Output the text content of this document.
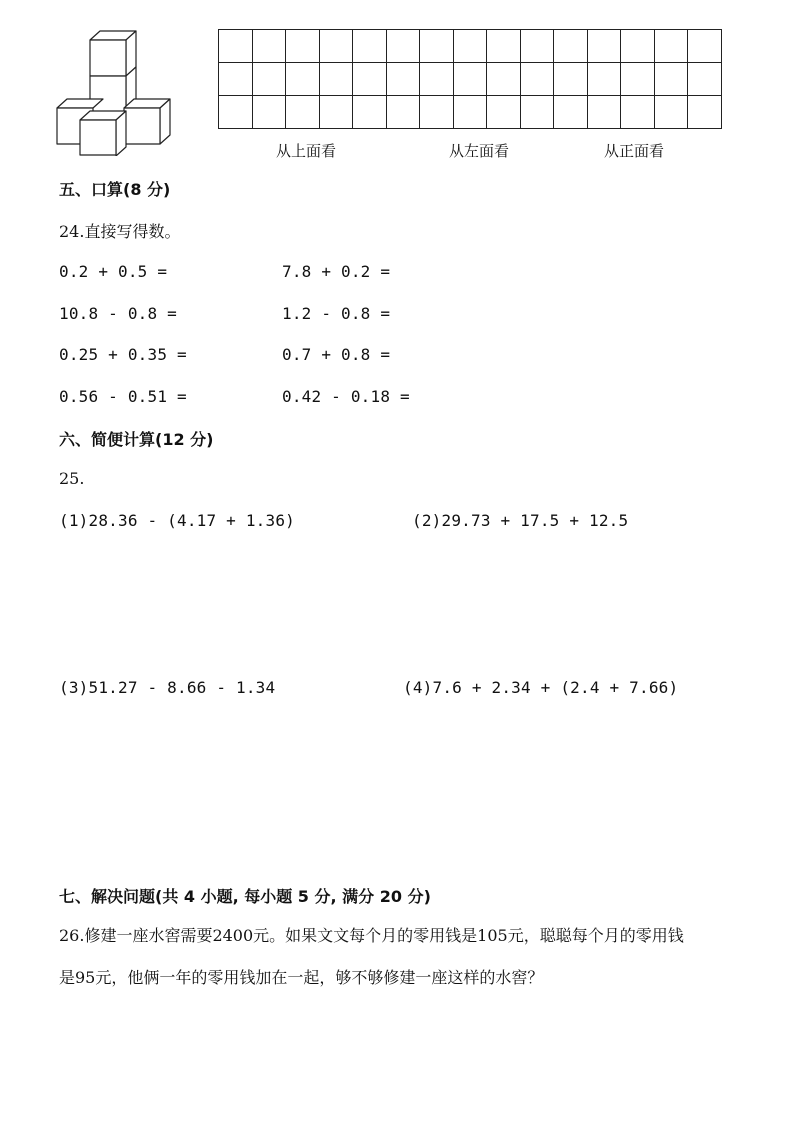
从上面看	从左面看	从正面看
五、口算(8 分)
24.直接写得数。
0.2 + 0.5 =	7.8 + 0.2 =
10.8 - 0.8 =	1.2 - 0.8 =
0.25 + 0.35 =	0.7 + 0.8 =
0.56 - 0.51 =	0.42 - 0.18 =
六、简便计算(12 分)
25.
(1)28.36 - (4.17 + 1.36)	(2)29.73 + 17.5 + 12.5
(3)51.27 - 8.66 - 1.34	(4)7.6 + 2.34 + (2.4 + 7.66)
七、解决问题(共 4 小题, 每小题 5 分, 满分 20 分)
26.修建一座水窖需要2400元。如果文文每个月的零用钱是105元，聪聪每个月的零用钱
是95元，他俩一年的零用钱加在一起，够不够修建一座这样的水窖？
